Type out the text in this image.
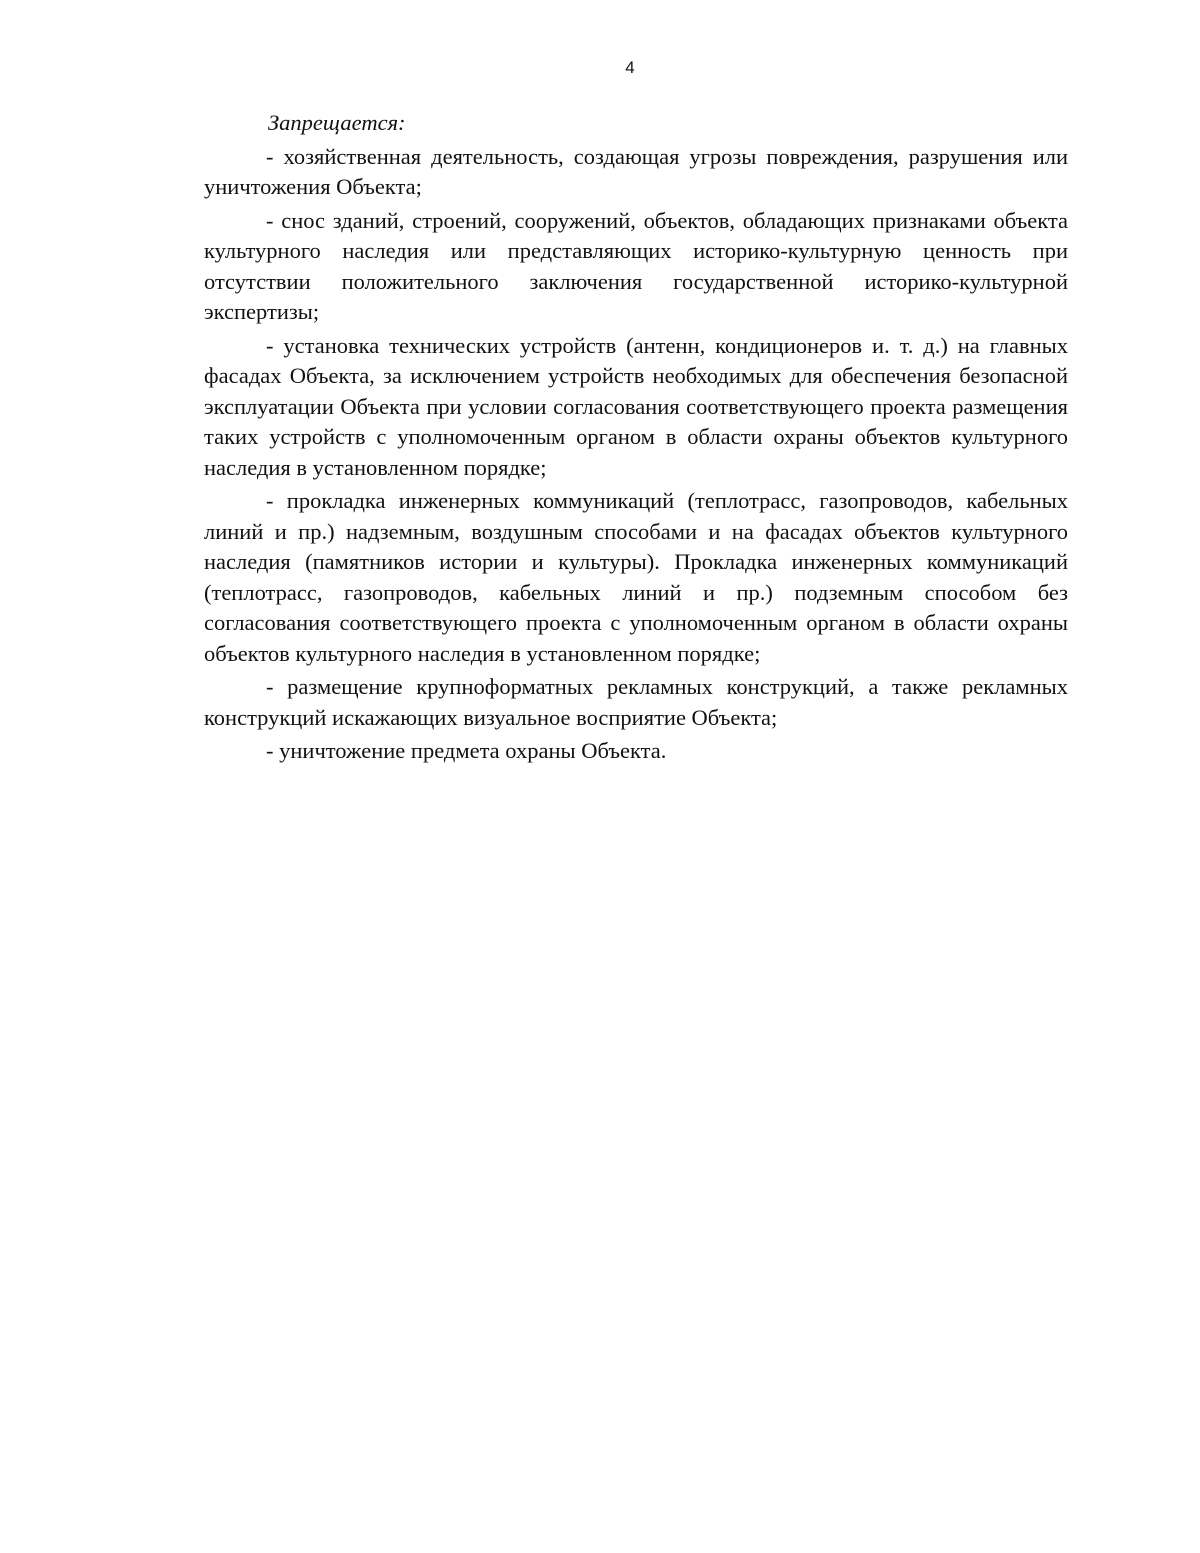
4

Запрещается:

- хозяйственная деятельность, создающая угрозы повреждения, разрушения или уничтожения Объекта;

- снос зданий, строений, сооружений, объектов, обладающих признаками объекта культурного наследия или представляющих историко-культурную ценность при отсутствии положительного заключения государственной историко-культурной экспертизы;

- установка технических устройств (антенн, кондиционеров и. т. д.) на главных фасадах Объекта, за исключением устройств необходимых для обеспечения безопасной эксплуатации Объекта при условии согласования соответствующего проекта размещения таких устройств с уполномоченным органом в области охраны объектов культурного наследия в установленном порядке;

- прокладка инженерных коммуникаций (теплотрасс, газопроводов, кабельных линий и пр.) надземным, воздушным способами и на фасадах объектов культурного наследия (памятников истории и культуры). Прокладка инженерных коммуникаций (теплотрасс, газопроводов, кабельных линий и пр.) подземным способом без согласования соответствующего проекта с уполномоченным органом в области охраны объектов культурного наследия в установленном порядке;

- размещение крупноформатных рекламных конструкций, а также рекламных конструкций искажающих визуальное восприятие Объекта;

- уничтожение предмета охраны Объекта.
